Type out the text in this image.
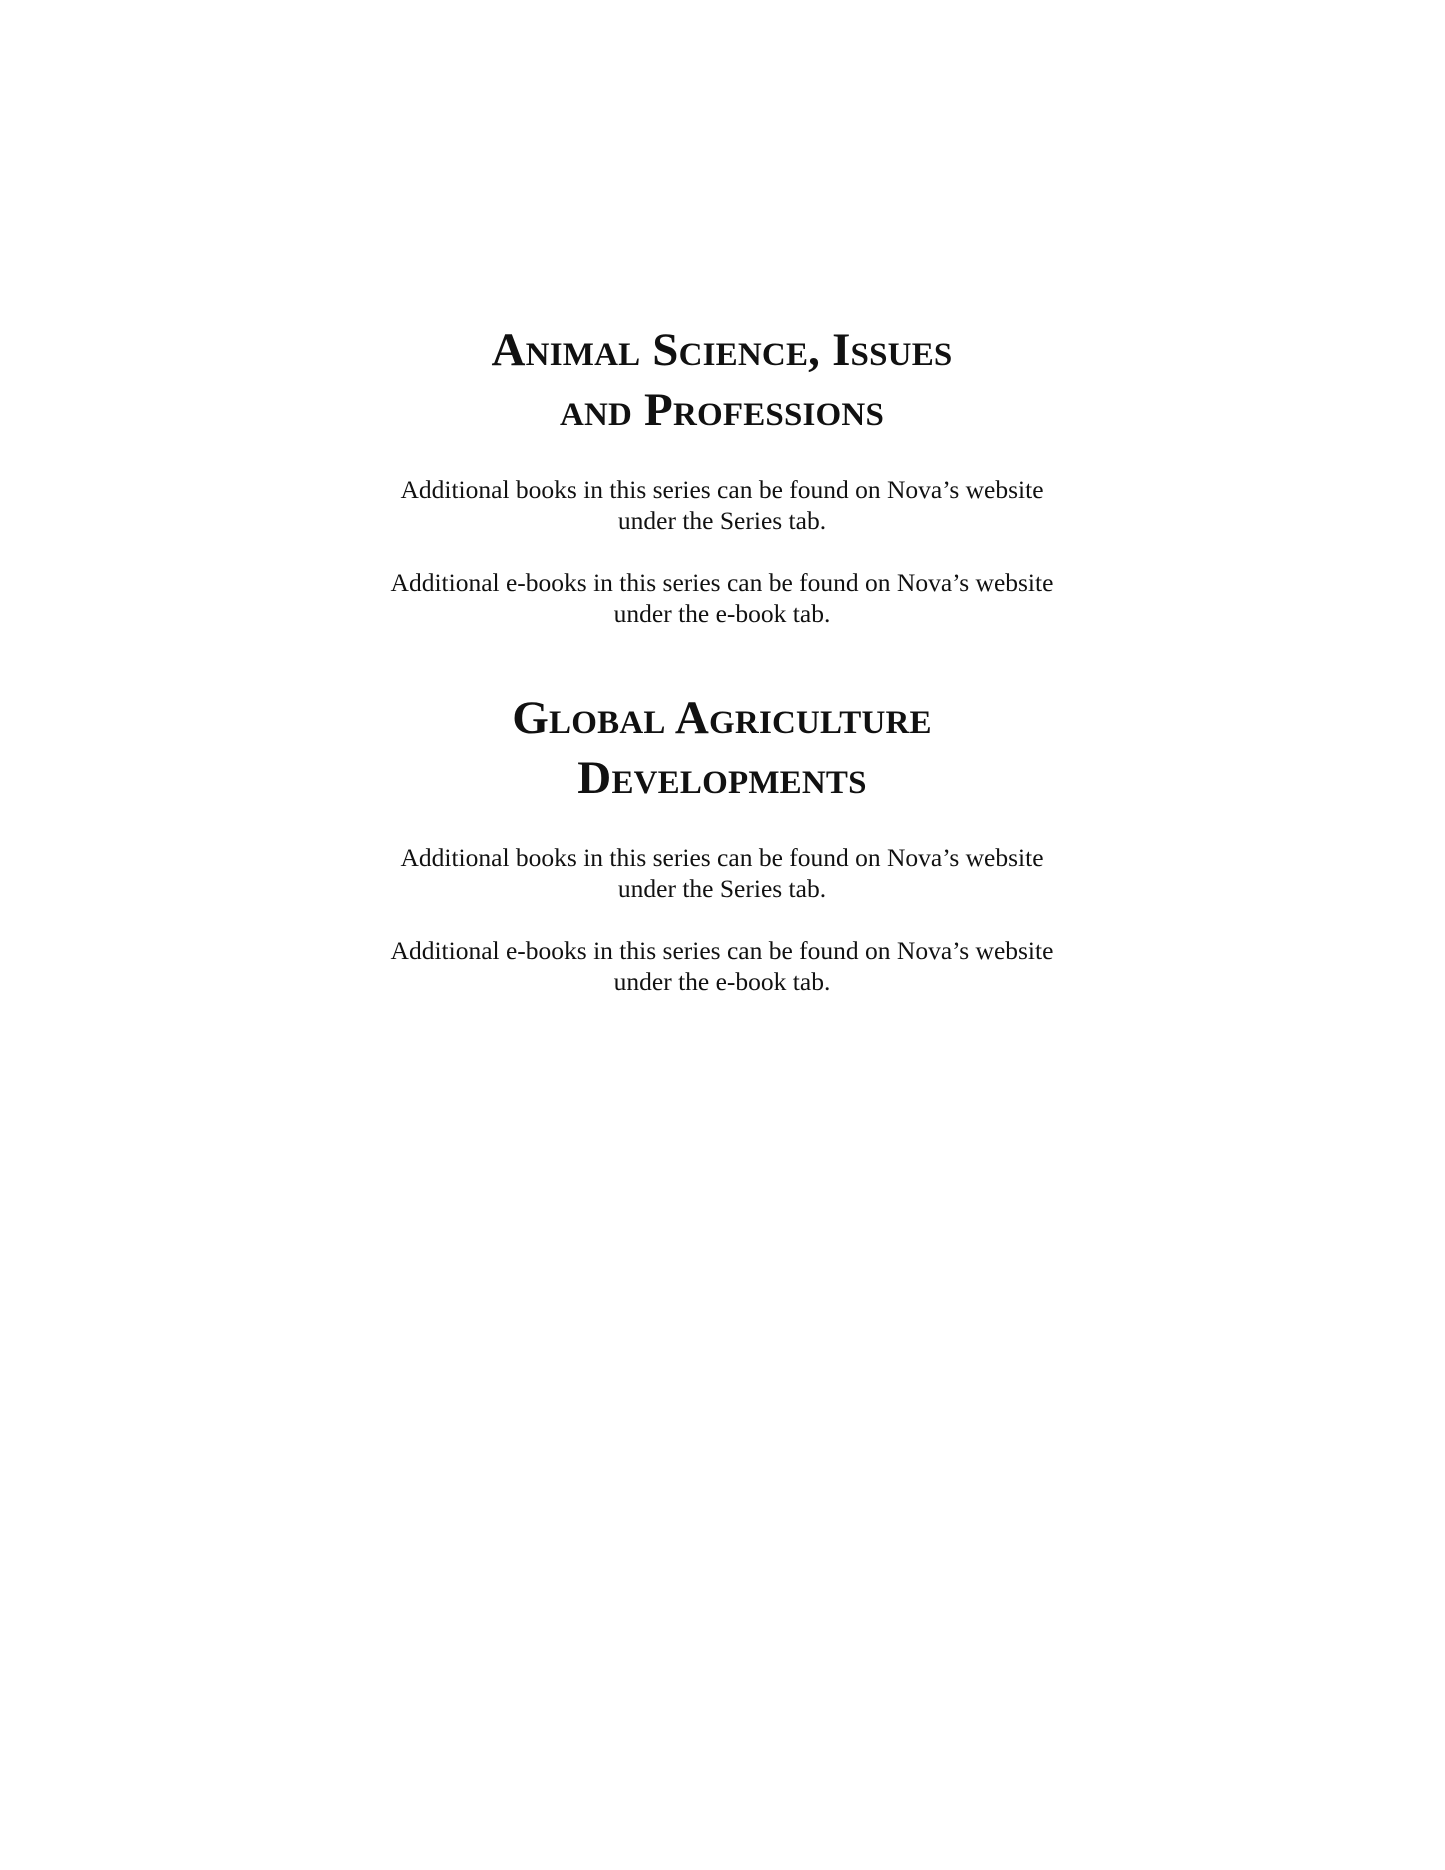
Animal Science, Issues
and Professions

Additional books in this series can be found on Nova’s website
under the Series tab.

Additional e-books in this series can be found on Nova’s website
under the e-book tab.

Global Agriculture
Developments

Additional books in this series can be found on Nova’s website
under the Series tab.

Additional e-books in this series can be found on Nova’s website
under the e-book tab.
